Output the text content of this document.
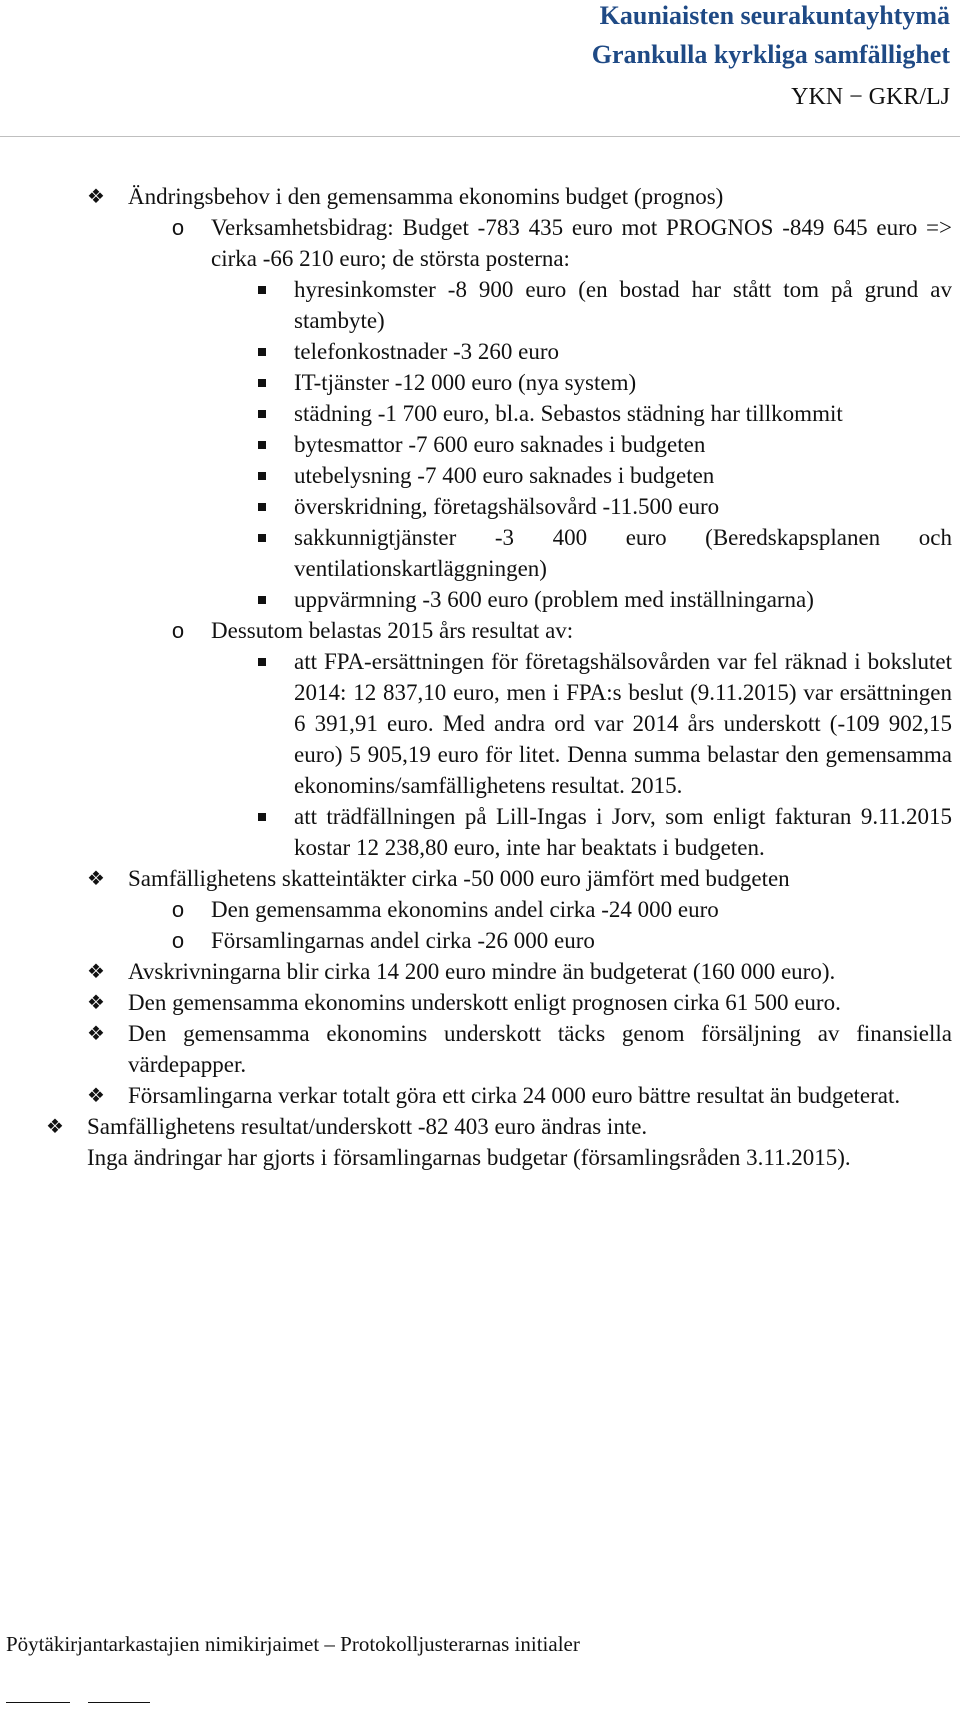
Kauniaisten seurakuntayhtymä
Grankulla kyrkliga samfällighet
YKN − GKR/LJ
❖ Ändringsbehov i den gemensamma ekonomins budget (prognos)
o	Verksamhetsbidrag: Budget -783 435 euro mot PROGNOS -849 645 euro => cirka -66 210 euro; de största posterna:
hyresinkomster -8 900 euro (en bostad har stått tom på grund av stambyte)
telefonkostnader -3 260 euro
IT-tjänster -12 000 euro (nya system)
städning -1 700 euro, bl.a. Sebastos städning har tillkommit
bytesmattor -7 600 euro saknades i budgeten
utebelysning -7 400 euro saknades i budgeten
överskridning, företagshälsovård -11.500 euro
sakkunnigtjänster -3 400 euro (Beredskapsplanen och ventilationskartläggningen)
uppvärmning -3 600 euro (problem med inställningarna)
o	Dessutom belastas 2015 års resultat av:
att FPA-ersättningen för företagshälsovården var fel räknad i bokslutet 2014: 12 837,10 euro, men i FPA:s beslut (9.11.2015) var ersättningen 6 391,91 euro. Med andra ord var 2014 års underskott (-109 902,15 euro) 5 905,19 euro för litet. Denna summa belastar den gemensamma ekonomins/samfällighetens resultat. 2015.
att trädfällningen på Lill-Ingas i Jorv, som enligt fakturan 9.11.2015 kostar 12 238,80 euro, inte har beaktats i budgeten.
❖ Samfällighetens skatteintäkter cirka -50 000 euro jämfört med budgeten
o	Den gemensamma ekonomins andel cirka -24 000 euro
o	Församlingarnas andel cirka -26 000 euro
❖ Avskrivningarna blir cirka 14 200 euro mindre än budgeterat (160 000 euro).
❖ Den gemensamma ekonomins underskott enligt prognosen cirka 61 500 euro.
❖ Den gemensamma ekonomins underskott täcks genom försäljning av finansiella värdepapper.
❖ Församlingarna verkar totalt göra ett cirka 24 000 euro bättre resultat än budgeterat.
❖ Samfällighetens resultat/underskott -82 403 euro ändras inte.
Inga ändringar har gjorts i församlingarnas budgetar (församlingsråden 3.11.2015).
Pöytäkirjantarkastajien nimikirjaimet – Protokolljusterarnas initialer
